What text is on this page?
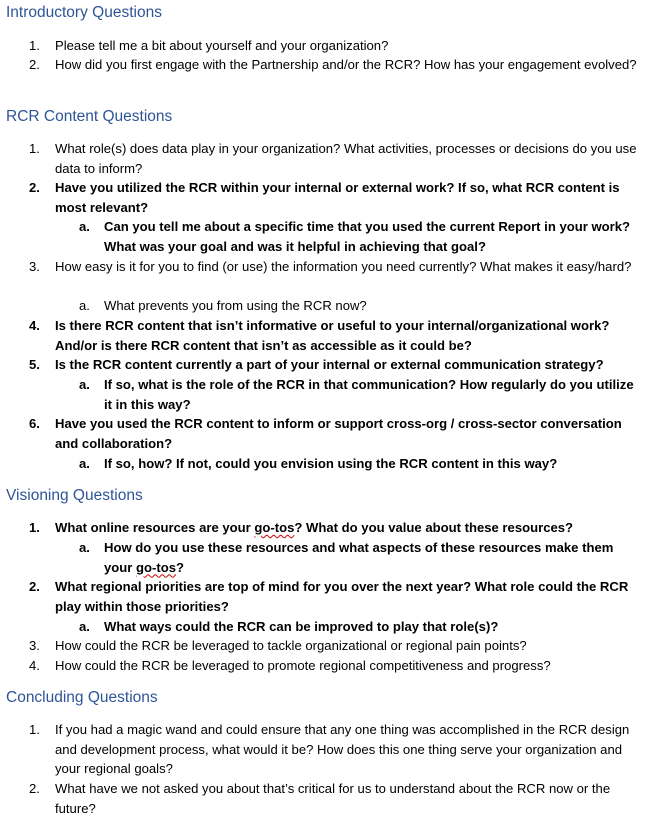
Introductory Questions
1. Please tell me a bit about yourself and your organization?
2. How did you first engage with the Partnership and/or the RCR? How has your engagement evolved?
RCR Content Questions
1. What role(s) does data play in your organization? What activities, processes or decisions do you use data to inform?
2. Have you utilized the RCR within your internal or external work? If so, what RCR content is most relevant?
a. Can you tell me about a specific time that you used the current Report in your work? What was your goal and was it helpful in achieving that goal?
3. How easy is it for you to find (or use) the information you need currently? What makes it easy/hard?
a. What prevents you from using the RCR now?
4. Is there RCR content that isn’t informative or useful to your internal/organizational work? And/or is there RCR content that isn’t as accessible as it could be?
5. Is the RCR content currently a part of your internal or external communication strategy?
a. If so, what is the role of the RCR in that communication? How regularly do you utilize it in this way?
6. Have you used the RCR content to inform or support cross-org / cross-sector conversation and collaboration?
a. If so, how? If not, could you envision using the RCR content in this way?
Visioning Questions
1. What online resources are your go-tos? What do you value about these resources?
a. How do you use these resources and what aspects of these resources make them your go-tos?
2. What regional priorities are top of mind for you over the next year? What role could the RCR play within those priorities?
a. What ways could the RCR can be improved to play that role(s)?
3. How could the RCR be leveraged to tackle organizational or regional pain points?
4. How could the RCR be leveraged to promote regional competitiveness and progress?
Concluding Questions
1. If you had a magic wand and could ensure that any one thing was accomplished in the RCR design and development process, what would it be? How does this one thing serve your organization and your regional goals?
2. What have we not asked you about that’s critical for us to understand about the RCR now or the future?
